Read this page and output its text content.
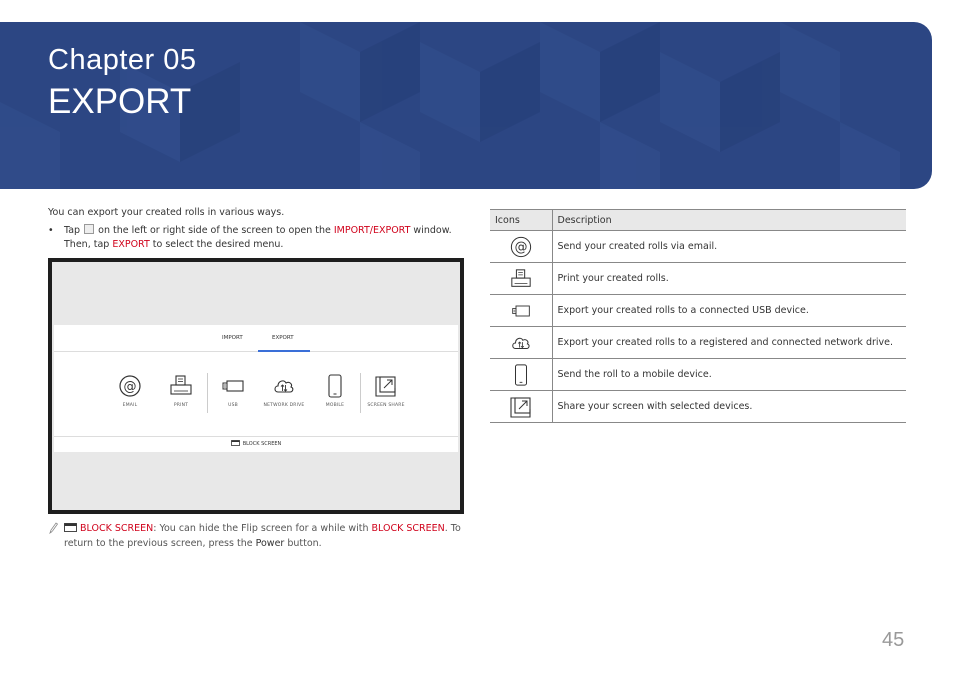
Chapter 05
EXPORT
You can export your created rolls in various ways.
•	Tap  on the left or right side of the screen to open the IMPORT/EXPORT window. Then, tap EXPORT to select the desired menu.
IMPORT	EXPORT
@
EMAIL	PRINT	USB	NETWORK DRIVE	MOBILE	SCREEN SHARE
BLOCK SCREEN
BLOCK SCREEN: You can hide the Flip screen for a while with BLOCK SCREEN. To return to the previous screen, press the Power button.
Icons	Description

@	Send your created rolls via email.

	Print your created rolls.

	Export your created rolls to a connected USB device.

	Export your created rolls to a registered and connected network drive.

	Send the roll to a mobile device.

	Share your screen with selected devices.
45
